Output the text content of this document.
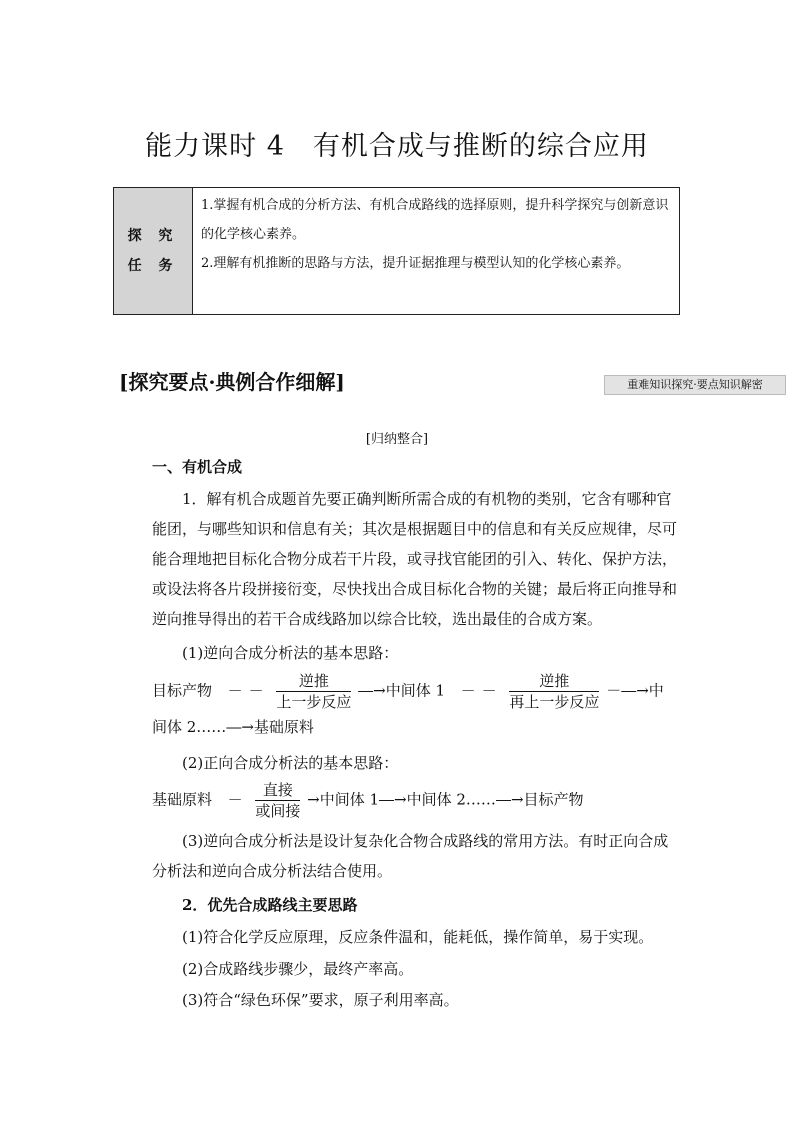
能力课时 4　有机合成与推断的综合应用
探 究
任 务

1.掌握有机合成的分析方法、有机合成路线的选择原则，提升科学探究与创新意识的化学核心素养。

2.理解有机推断的思路与方法，提升证据推理与模型认知的化学核心素养。

[探究要点·典例合作细解]	重难知识探究·要点知识解密
[归纳整合]
一、有机合成
1．解有机合成题首先要正确判断所需合成的有机物的类别，它含有哪种官能团，与哪些知识和信息有关；其次是根据题目中的信息和有关反应规律，尽可能合理地把目标化合物分成若干片段，或寻找官能团的引入、转化、保护方法，或设法将各片段拼接衍变，尽快找出合成目标化合物的关键；最后将正向推导和逆向推导得出的若干合成线路加以综合比较，选出最佳的合成方案。
(1)逆向合成分析法的基本思路：
目标产物  －－ $\frac{\text{逆推}}{\text{上一步反应}}$ ―→中间体 $1 -- \frac{\text{逆推}}{\text{再上一步反应}}$ －―→中
间体 2……―→基础原料
(2)正向合成分析法的基本思路：
基础原料  － $\frac{\text{直接}}{\text{或间接}}$ →中间体 1―→中间体 2……―→目标产物
(3)逆向合成分析法是设计复杂化合物合成路线的常用方法。有时正向合成分析法和逆向合成分析法结合使用。
2．优先合成路线主要思路
(1)符合化学反应原理，反应条件温和，能耗低，操作简单，易于实现。
(2)合成路线步骤少，最终产率高。
(3)符合“绿色环保”要求，原子利用率高。
